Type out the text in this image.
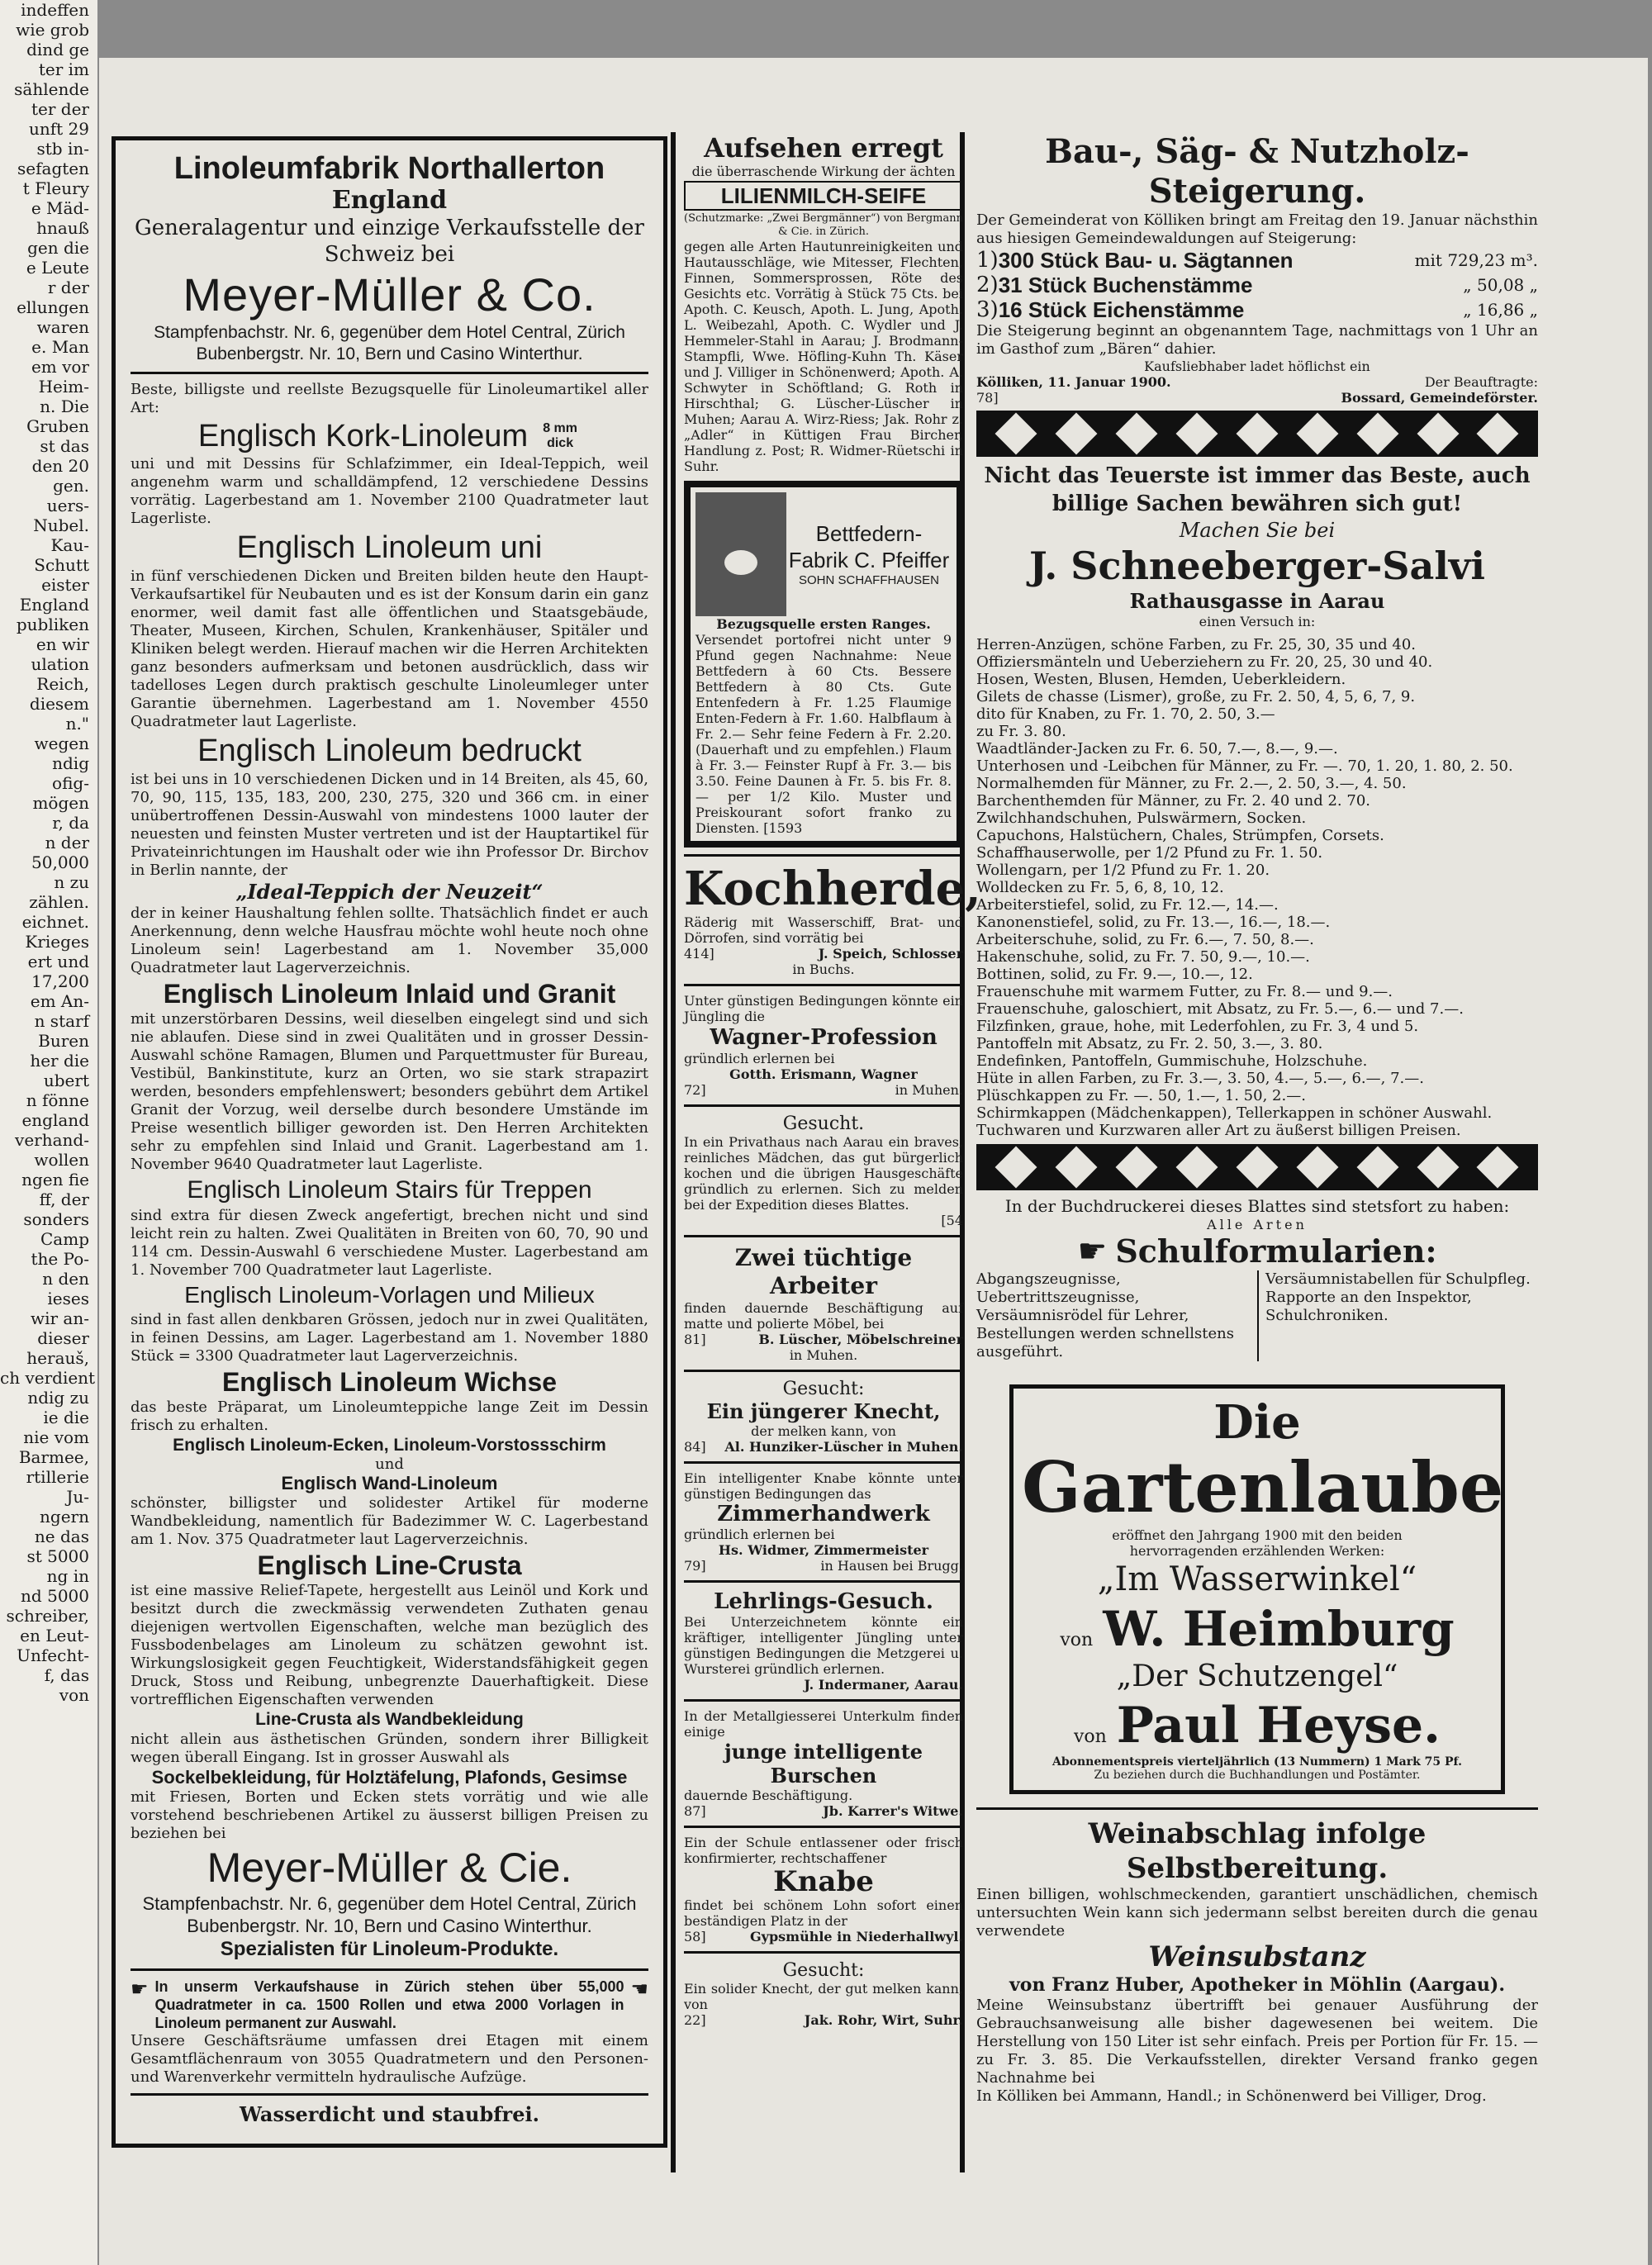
indeffen
wie grob
dind ge
ter im
sählende
ter der
unft 29
stb in-
sefagten
t Fleury
e Mäd-
hnauß
gen die
e Leute
r der
ellungen
waren
e. Man
em vor
Heim-
n. Die
Gruben
st das
den 20
gen.
uers-
Nubel.
Kau-
Schutt
eister
England
publiken
en wir
ulation
Reich,
diesem
n."
wegen
ndig
ofig-
mögen
r, da
n der
50,000
n zu
zählen.
eichnet.
Krieges
ert und
17,200
em An-
n starf
Buren
her die
ubert
n fönne
england
verhand-
wollen
ngen fie
ff, der
sonders
Camp
the Po-
n den
ieses
wir an-
dieser
herauš,
ch verdient
ndig zu
ie die
nie vom
Barmee,
rtillerie
Ju-
ngern
ne das
st 5000
ng in
nd 5000
schreiber,
en Leut-
Unfecht-
f, das
von
Linoleumfabrik Northallerton
England
Generalagentur und einzige Verkaufsstelle der Schweiz bei
Meyer-Müller & Co.
Stampfenbachstr. Nr. 6, gegenüber dem Hotel Central, Zürich
Bubenbergstr. Nr. 10, Bern und Casino Winterthur.

Beste, billigste und reellste Bezugsquelle für Linoleumartikel aller Art:

Englisch Kork-Linoleum 8 mm dick

uni und mit Dessins für Schlafzimmer, ein Ideal-Teppich, weil angenehm warm und schalldämpfend, 12 verschiedene Dessins vorrätig. Lagerbestand am 1. November 2100 Quadratmeter laut Lagerliste.

Englisch Linoleum uni

in fünf verschiedenen Dicken und Breiten bilden heute den Haupt-Verkaufsartikel für Neubauten und es ist der Konsum darin ein ganz enormer, weil damit fast alle öffentlichen und Staatsgebäude, Theater, Museen, Kirchen, Schulen, Krankenhäuser, Spitäler und Kliniken belegt werden. Hierauf machen wir die Herren Architekten ganz besonders aufmerksam und betonen ausdrücklich, dass wir tadelloses Legen durch praktisch geschulte Linoleumleger unter Garantie übernehmen. Lagerbestand am 1. November 4550 Quadratmeter laut Lagerliste.

Englisch Linoleum bedruckt

ist bei uns in 10 verschiedenen Dicken und in 14 Breiten, als 45, 60, 70, 90, 115, 135, 183, 200, 230, 275, 320 und 366 cm. in einer unübertroffenen Dessin-Auswahl von mindestens 1000 lauter der neuesten und feinsten Muster vertreten und ist der Hauptartikel für Privateinrichtungen im Haushalt oder wie ihn Professor Dr. Birchov in Berlin nannte, der

„Ideal-Teppich der Neuzeit“

der in keiner Haushaltung fehlen sollte. Thatsächlich findet er auch Anerkennung, denn welche Hausfrau möchte wohl heute noch ohne Linoleum sein! Lagerbestand am 1. November 35,000 Quadratmeter laut Lagerverzeichnis.

Englisch Linoleum Inlaid und Granit

mit unzerstörbaren Dessins, weil dieselben eingelegt sind und sich nie ablaufen. Diese sind in zwei Qualitäten und in grosser Dessin-Auswahl schöne Ramagen, Blumen und Parquettmuster für Bureau, Vestibül, Bankinstitute, kurz an Orten, wo sie stark strapazirt werden, besonders empfehlenswert; besonders gebührt dem Artikel Granit der Vorzug, weil derselbe durch besondere Umstände im Preise wesentlich billiger geworden ist. Den Herren Architekten sehr zu empfehlen sind Inlaid und Granit. Lagerbestand am 1. November 9640 Quadratmeter laut Lagerliste.

Englisch Linoleum Stairs für Treppen

sind extra für diesen Zweck angefertigt, brechen nicht und sind leicht rein zu halten. Zwei Qualitäten in Breiten von 60, 70, 90 und 114 cm. Dessin-Auswahl 6 verschiedene Muster. Lagerbestand am 1. November 700 Quadratmeter laut Lagerliste.

Englisch Linoleum-Vorlagen und Milieux

sind in fast allen denkbaren Grössen, jedoch nur in zwei Qualitäten, in feinen Dessins, am Lager. Lagerbestand am 1. November 1880 Stück = 3300 Quadratmeter laut Lagerverzeichnis.

Englisch Linoleum Wichse

das beste Präparat, um Linoleumteppiche lange Zeit im Dessin frisch zu erhalten.

Englisch Linoleum-Ecken, Linoleum-Vorstossschirm
und
Englisch Wand-Linoleum

schönster, billigster und solidester Artikel für moderne Wandbekleidung, namentlich für Badezimmer W. C. Lagerbestand am 1. Nov. 375 Quadratmeter laut Lagerverzeichnis.

Englisch Line-Crusta

ist eine massive Relief-Tapete, hergestellt aus Leinöl und Kork und besitzt durch die zweckmässig verwendeten Zuthaten genau diejenigen wertvollen Eigenschaften, welche man bezüglich des Fussbodenbelages am Linoleum zu schätzen gewohnt ist. Wirkungslosigkeit gegen Feuchtigkeit, Widerstandsfähigkeit gegen Druck, Stoss und Reibung, unbegrenzte Dauerhaftigkeit. Diese vortrefflichen Eigenschaften verwenden

Line-Crusta als Wandbekleidung

nicht allein aus ästhetischen Gründen, sondern ihrer Billigkeit wegen überall Eingang. Ist in grosser Auswahl als

Sockelbekleidung, für Holztäfelung, Plafonds, Gesimse

mit Friesen, Borten und Ecken stets vorrätig und wie alle vorstehend beschriebenen Artikel zu äusserst billigen Preisen zu beziehen bei

Meyer-Müller & Cie.
Stampfenbachstr. Nr. 6, gegenüber dem Hotel Central, Zürich
Bubenbergstr. Nr. 10, Bern und Casino Winterthur.
Spezialisten für Linoleum-Produkte.
☛ In unserm Verkaufshause in Zürich stehen über 55,000 Quadratmeter in ca. 1500 Rollen und etwa 2000 Vorlagen in Linoleum permanent zur Auswahl.

☚

Unsere Geschäftsräume umfassen drei Etagen mit einem Gesamtflächenraum von 3055 Quadratmetern und den Personen- und Warenverkehr vermitteln hydraulische Aufzüge.

Wasserdicht und staubfrei.
Aufsehen erregt
die überraschende Wirkung der ächten
LILIENMILCH-SEIFE
(Schutzmarke: „Zwei Bergmänner“) von Bergmann & Cie. in Zürich.

gegen alle Arten Hautunreinigkeiten und Hautausschläge, wie Mitesser, Flechten, Finnen, Sommersprossen, Röte des Gesichts etc. Vorrätig à Stück 75 Cts. bei Apoth. C. Keusch, Apoth. L. Jung, Apoth. L. Weibezahl, Apoth. C. Wydler und J. Hemmeler-Stahl in Aarau; J. Brodmann-Stampfli, Wwe. Höfling-Kuhn Th. Käser und J. Villiger in Schönenwerd; Apoth. A. Schwyter in Schöftland; G. Roth in Hirschthal; G. Lüscher-Lüscher in Muhen; Aarau A. Wirz-Riess; Jak. Rohr z. „Adler“ in Küttigen Frau Bircher, Handlung z. Post; R. Widmer-Rüetschi in Suhr.

Bettfedern-Fabrik C. Pfeiffer
SOHN SCHAFFHAUSEN
Bezugsquelle ersten Ranges.

Versendet portofrei nicht unter 9 Pfund gegen Nachnahme: Neue Bettfedern à 60 Cts. Bessere Bettfedern à 80 Cts. Gute Entenfedern à Fr. 1.25 Flaumige Enten-Federn à Fr. 1.60. Halbflaum à Fr. 2.— Sehr feine Federn à Fr. 2.20. (Dauerhaft und zu empfehlen.) Flaum à Fr. 3.— Feinster Rupf à Fr. 3.— bis 3.50. Feine Daunen à Fr. 5. bis Fr. 8.— per 1/2 Kilo. Muster und Preiskourant sofort franko zu Diensten. [1593

Kochherde,

Räderig mit Wasserschiff, Brat- und Dörrofen, sind vorrätig bei

414]	J. Speich, Schlosser
in Buchs.

Unter günstigen Bedingungen könnte ein Jüngling die

Wagner-Profession

gründlich erlernen bei

Gotth. Erismann, Wagner
72]	in Muhen.
Gesucht.

In ein Privathaus nach Aarau ein braves, reinliches Mädchen, das gut bürgerlich kochen und die übrigen Hausgeschäfte gründlich zu erlernen. Sich zu melden bei der Expedition dieses Blattes.

[54
Zwei tüchtige Arbeiter

finden dauernde Beschäftigung auf matte und polierte Möbel, bei

81]	B. Lüscher, Möbelschreiner
in Muhen.
Gesucht:
Ein jüngerer Knecht,
der melken kann, von
84] Al. Hunziker-Lüscher in Muhen.

Ein intelligenter Knabe könnte unter günstigen Bedingungen das

Zimmerhandwerk

gründlich erlernen bei

Hs. Widmer, Zimmermeister
79]	in Hausen bei Brugg.
Lehrlings-Gesuch.

Bei Unterzeichnetem könnte ein kräftiger, intelligenter Jüngling unter günstigen Bedingungen die Metzgerei u. Wursterei gründlich erlernen.

J. Indermaner, Aarau.

In der Metallgiesserei Unterkulm finden einige

junge intelligente Burschen

dauernde Beschäftigung.

87]	Jb. Karrer's Witwe.

Ein der Schule entlassener oder frisch konfirmierter, rechtschaffener

Knabe

findet bei schönem Lohn sofort einen beständigen Platz in der

58]	Gypsmühle in Niederhallwyl.
Gesucht:

Ein solider Knecht, der gut melken kann, von

22]	Jak. Rohr, Wirt, Suhr.
Bau-, Säg- & Nutzholz-Steigerung.

Der Gemeinderat von Kölliken bringt am Freitag den 19. Januar nächsthin aus hiesigen Gemeindewaldungen auf Steigerung:

1) 300 Stück Bau- u. Sägtannen	mit 729,23 m³.
2) 31 Stück Buchenstämme	„ 50,08 „
3) 16 Stück Eichenstämme	„ 16,86 „

Die Steigerung beginnt an obgenanntem Tage, nachmittags von 1 Uhr an im Gasthof zum „Bären“ dahier.

Kaufsliebhaber ladet höflichst ein
Kölliken, 11. Januar 1900.	Der Beauftragte:
78]	Bossard, Gemeindeförster.
Nicht das Teuerste ist immer das Beste, auch billige Sachen bewähren sich gut!
Machen Sie bei
J. Schneeberger-Salvi
Rathausgasse in Aarau
einen Versuch in:

Herren-Anzügen, schöne Farben, zu Fr. 25, 30, 35 und 40.

Offiziersmänteln und Ueberziehern zu Fr. 20, 25, 30 und 40.

Hosen, Westen, Blusen, Hemden, Ueberkleidern.

Gilets de chasse (Lismer), große, zu Fr. 2. 50, 4, 5, 6, 7, 9.

dito für Knaben, zu Fr. 1. 70, 2. 50, 3.—

zu Fr. 3. 80.

Waadtländer-Jacken zu Fr. 6. 50, 7.—, 8.—, 9.—.

Unterhosen und -Leibchen für Männer, zu Fr. —. 70, 1. 20, 1. 80, 2. 50.

Normalhemden für Männer, zu Fr. 2.—, 2. 50, 3.—, 4. 50.

Barchenthemden für Männer, zu Fr. 2. 40 und 2. 70.

Zwilchhandschuhen, Pulswärmern, Socken.

Capuchons, Halstüchern, Chales, Strümpfen, Corsets.

Schaffhauserwolle, per 1/2 Pfund zu Fr. 1. 50.

Wollengarn, per 1/2 Pfund zu Fr. 1. 20.

Wolldecken zu Fr. 5, 6, 8, 10, 12.

Arbeiterstiefel, solid, zu Fr. 12.—, 14.—.

Kanonenstiefel, solid, zu Fr. 13.—, 16.—, 18.—.

Arbeiterschuhe, solid, zu Fr. 6.—, 7. 50, 8.—.

Hakenschuhe, solid, zu Fr. 7. 50, 9.—, 10.—.

Bottinen, solid, zu Fr. 9.—, 10.—, 12.

Frauenschuhe mit warmem Futter, zu Fr. 8.— und 9.—.

Frauenschuhe, galoschiert, mit Absatz, zu Fr. 5.—, 6.— und 7.—.

Filzfinken, graue, hohe, mit Lederfohlen, zu Fr. 3, 4 und 5.

Pantoffeln mit Absatz, zu Fr. 2. 50, 3.—, 3. 80.

Endefinken, Pantoffeln, Gummischuhe, Holzschuhe.

Hüte in allen Farben, zu Fr. 3.—, 3. 50, 4.—, 5.—, 6.—, 7.—.

Plüschkappen zu Fr. —. 50, 1.—, 1. 50, 2.—.

Schirmkappen (Mädchenkappen), Tellerkappen in schöner Auswahl.

Tuchwaren und Kurzwaren aller Art zu äußerst billigen Preisen.

In der Buchdruckerei dieses Blattes sind stetsfort zu haben:
Alle Arten
☛ Schulformularien:
Abgangszeugnisse,
Uebertrittszeugnisse,
Versäumnisrödel für Lehrer,
Bestellungen werden schnellstens ausgeführt.
Versäumnistabellen für Schulpfleg.
Rapporte an den Inspektor,
Schulchroniken.
Die
Gartenlaube
eröffnet den Jahrgang 1900 mit den beiden hervorragenden erzählenden Werken:
„Im Wasserwinkel“
von W. Heimburg
„Der Schutzengel“
von Paul Heyse.
Abonnementspreis vierteljährlich (13 Nummern) 1 Mark 75 Pf.
Zu beziehen durch die Buchhandlungen und Postämter.
Weinabschlag infolge Selbstbereitung.

Einen billigen, wohlschmeckenden, garantiert unschädlichen, chemisch untersuchten Wein kann sich jedermann selbst bereiten durch die genau verwendete

Weinsubstanz
von Franz Huber, Apotheker in Möhlin (Aargau).

Meine Weinsubstanz übertrifft bei genauer Ausführung der Gebrauchsanweisung alle bisher dagewesenen bei weitem. Die Herstellung von 150 Liter ist sehr einfach. Preis per Portion für Fr. 15. — zu Fr. 3. 85. Die Verkaufsstellen, direkter Versand franko gegen Nachnahme bei

In Kölliken bei Ammann, Handl.; in Schönenwerd bei Villiger, Drog.
